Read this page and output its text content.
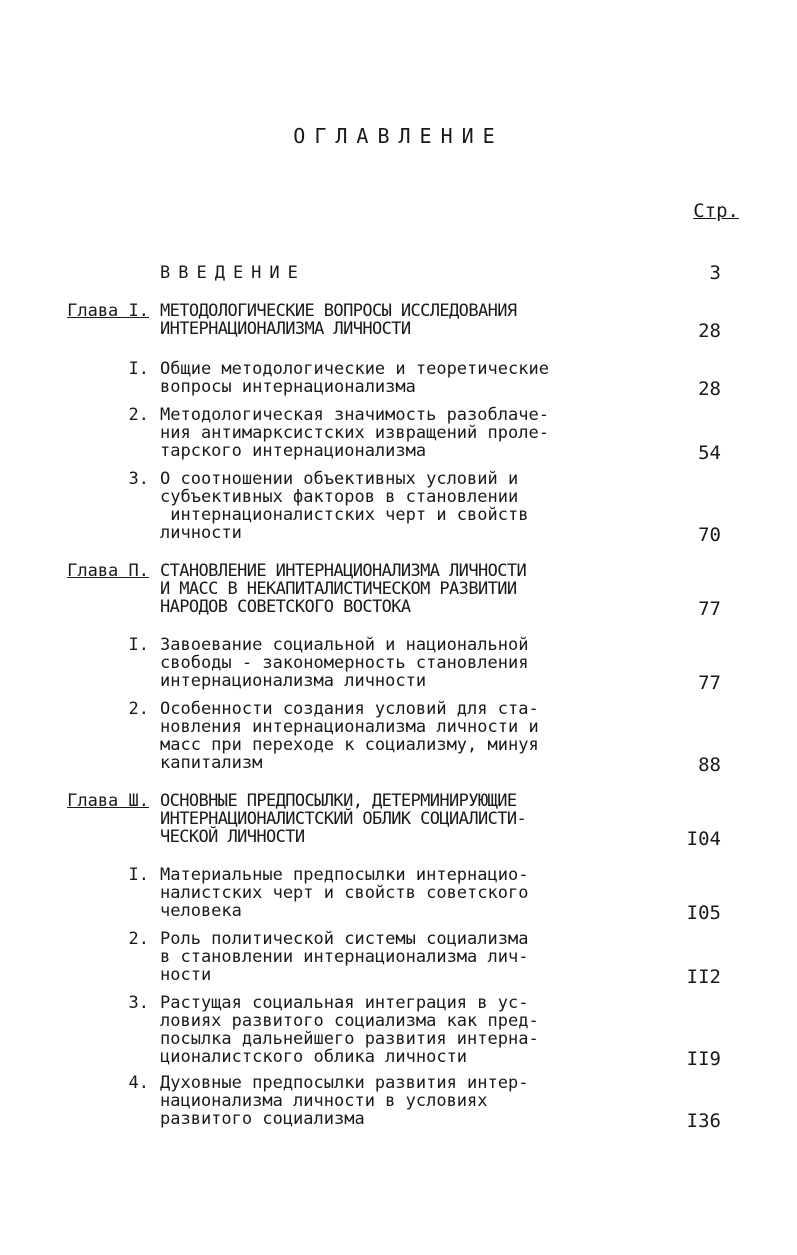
ОГЛАВЛЕНИЕ
Стр.
ВВЕДЕНИЕ	3
Глава I. МЕТОДОЛОГИЧЕСКИЕ ВОПРОСЫ ИССЛЕДОВАНИЯ
ИНТЕРНАЦИОНАЛИЗМА ЛИЧНОСТИ	28
I. Общие методологические и теоретические
вопросы интернационализма	28
2. Методологическая значимость разоблаче-
ния антимарксистских извращений проле-
тарского интернационализма	54
3. О соотношении объективных условий и
субъективных факторов в становлении
интернационалистских черт и свойств
личности	70
Глава П. СТАНОВЛЕНИЕ ИНТЕРНАЦИОНАЛИЗМА ЛИЧНОСТИ
И МАСС В НЕКАПИТАЛИСТИЧЕСКОМ РАЗВИТИИ
НАРОДОВ СОВЕТСКОГО ВОСТОКА	77
I. Завоевание социальной и национальной
свободы - закономерность становления
интернационализма личности	77
2. Особенности создания условий для ста-
новления интернационализма личности и
масс при переходе к социализму, минуя
капитализм	88
Глава Ш. ОСНОВНЫЕ ПРЕДПОСЫЛКИ, ДЕТЕРМИНИРУЮЩИЕ
ИНТЕРНАЦИОНАЛИСТСКИЙ ОБЛИК СОЦИАЛИСТИ-
ЧЕСКОЙ ЛИЧНОСТИ	I04
I. Материальные предпосылки интернацио-
налистских черт и свойств советского
человека	I05
2. Роль политической системы социализма
в становлении интернационализма лич-
ности	II2
3. Растущая социальная интеграция в ус-
ловиях развитого социализма как пред-
посылка дальнейшего развития интерна-
ционалистского облика личности	II9
4. Духовные предпосылки развития интер-
национализма личности в условиях
развитого социализма	I36
